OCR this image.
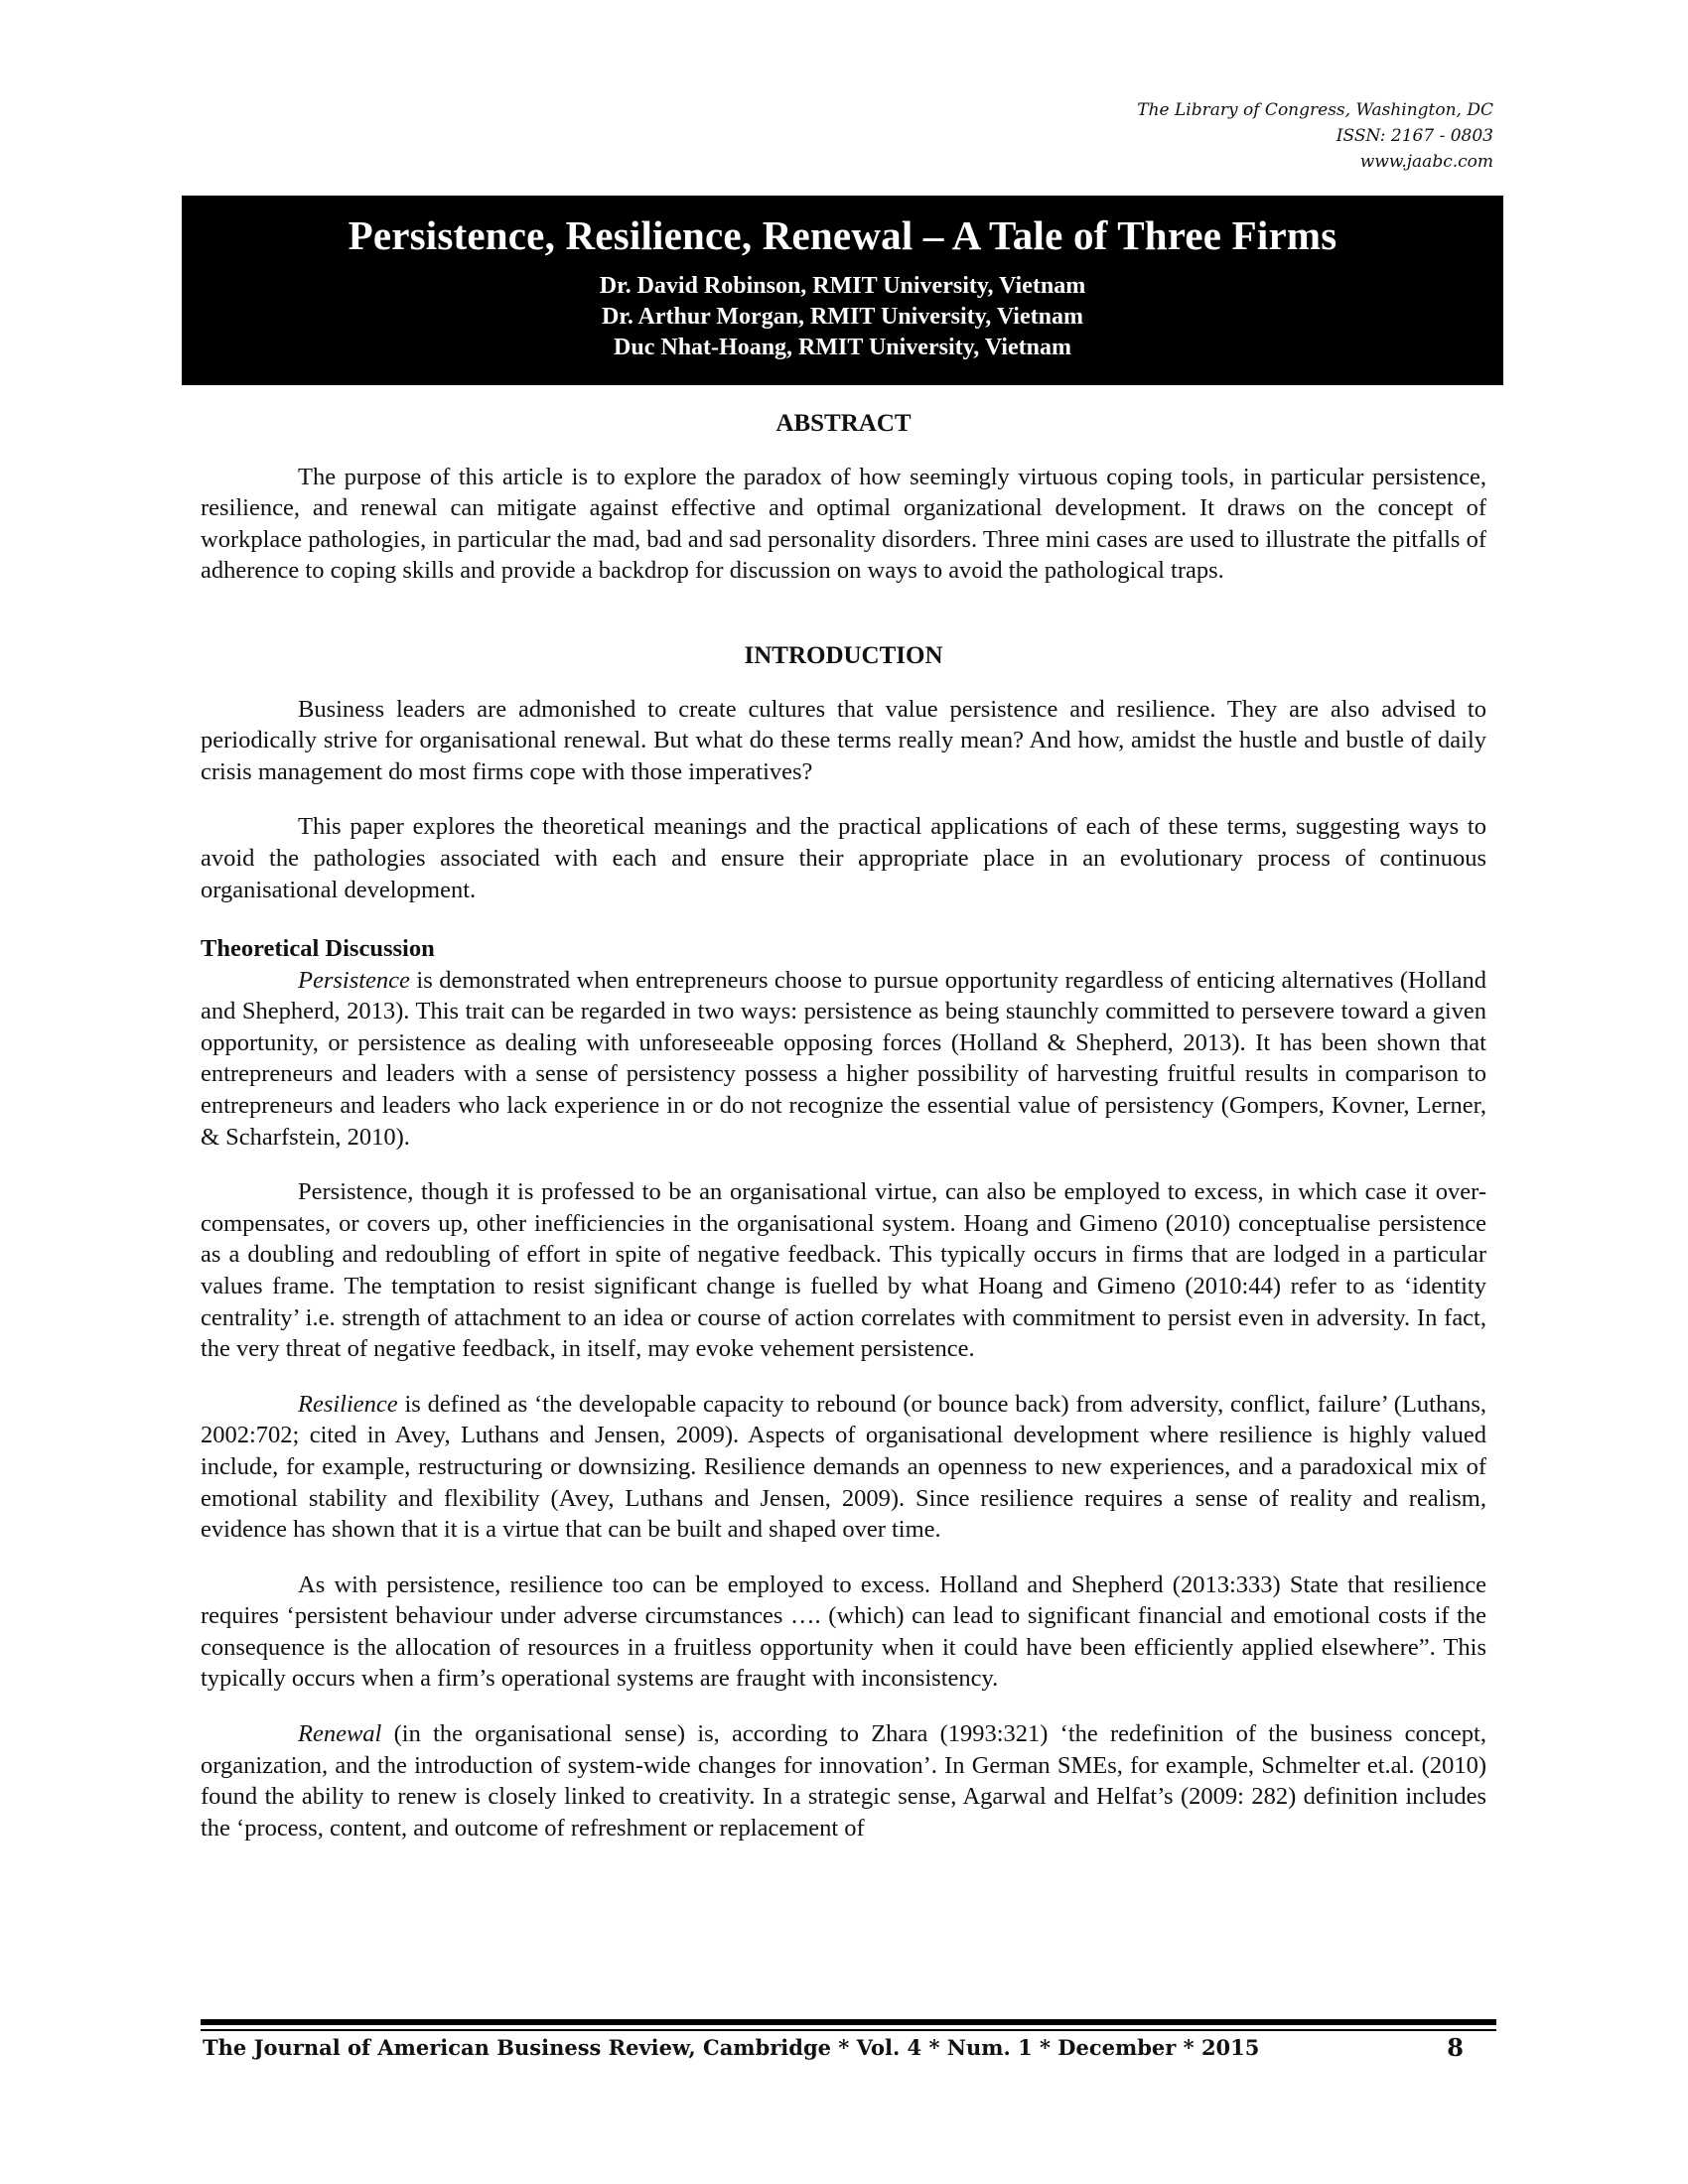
The Library of Congress, Washington, DC
ISSN: 2167 - 0803
www.jaabc.com
Persistence, Resilience, Renewal – A Tale of Three Firms
Dr. David Robinson, RMIT University, Vietnam
Dr. Arthur Morgan, RMIT University, Vietnam
Duc Nhat-Hoang, RMIT University, Vietnam
ABSTRACT

The purpose of this article is to explore the paradox of how seemingly virtuous coping tools, in particular persistence, resilience, and renewal can mitigate against effective and optimal organizational development. It draws on the concept of workplace pathologies, in particular the mad, bad and sad personality disorders. Three mini cases are used to illustrate the pitfalls of adherence to coping skills and provide a backdrop for discussion on ways to avoid the pathological traps.

INTRODUCTION

Business leaders are admonished to create cultures that value persistence and resilience. They are also advised to periodically strive for organisational renewal. But what do these terms really mean? And how, amidst the hustle and bustle of daily crisis management do most firms cope with those imperatives?

This paper explores the theoretical meanings and the practical applications of each of these terms, suggesting ways to avoid the pathologies associated with each and ensure their appropriate place in an evolutionary process of continuous organisational development.

Theoretical Discussion

Persistence is demonstrated when entrepreneurs choose to pursue opportunity regardless of enticing alternatives (Holland and Shepherd, 2013). This trait can be regarded in two ways: persistence as being staunchly committed to persevere toward a given opportunity, or persistence as dealing with unforeseeable opposing forces (Holland & Shepherd, 2013). It has been shown that entrepreneurs and leaders with a sense of persistency possess a higher possibility of harvesting fruitful results in comparison to entrepreneurs and leaders who lack experience in or do not recognize the essential value of persistency (Gompers, Kovner, Lerner, & Scharfstein, 2010).

Persistence, though it is professed to be an organisational virtue, can also be employed to excess, in which case it over-compensates, or covers up, other inefficiencies in the organisational system. Hoang and Gimeno (2010) conceptualise persistence as a doubling and redoubling of effort in spite of negative feedback. This typically occurs in firms that are lodged in a particular values frame. The temptation to resist significant change is fuelled by what Hoang and Gimeno (2010:44) refer to as ‘identity centrality’ i.e. strength of attachment to an idea or course of action correlates with commitment to persist even in adversity. In fact, the very threat of negative feedback, in itself, may evoke vehement persistence.

Resilience is defined as ‘the developable capacity to rebound (or bounce back) from adversity, conflict, failure’ (Luthans, 2002:702; cited in Avey, Luthans and Jensen, 2009). Aspects of organisational development where resilience is highly valued include, for example, restructuring or downsizing. Resilience demands an openness to new experiences, and a paradoxical mix of emotional stability and flexibility (Avey, Luthans and Jensen, 2009). Since resilience requires a sense of reality and realism, evidence has shown that it is a virtue that can be built and shaped over time.

As with persistence, resilience too can be employed to excess. Holland and Shepherd (2013:333) State that resilience requires ‘persistent behaviour under adverse circumstances …. (which) can lead to significant financial and emotional costs if the consequence is the allocation of resources in a fruitless opportunity when it could have been efficiently applied elsewhere”. This typically occurs when a firm’s operational systems are fraught with inconsistency.

Renewal (in the organisational sense) is, according to Zhara (1993:321) ‘the redefinition of the business concept, organization, and the introduction of system-wide changes for innovation’. In German SMEs, for example, Schmelter et.al. (2010) found the ability to renew is closely linked to creativity. In a strategic sense, Agarwal and Helfat’s (2009: 282) definition includes the ‘process, content, and outcome of refreshment or replacement of

The Journal of American Business Review, Cambridge * Vol. 4 * Num. 1 * December * 2015	8
